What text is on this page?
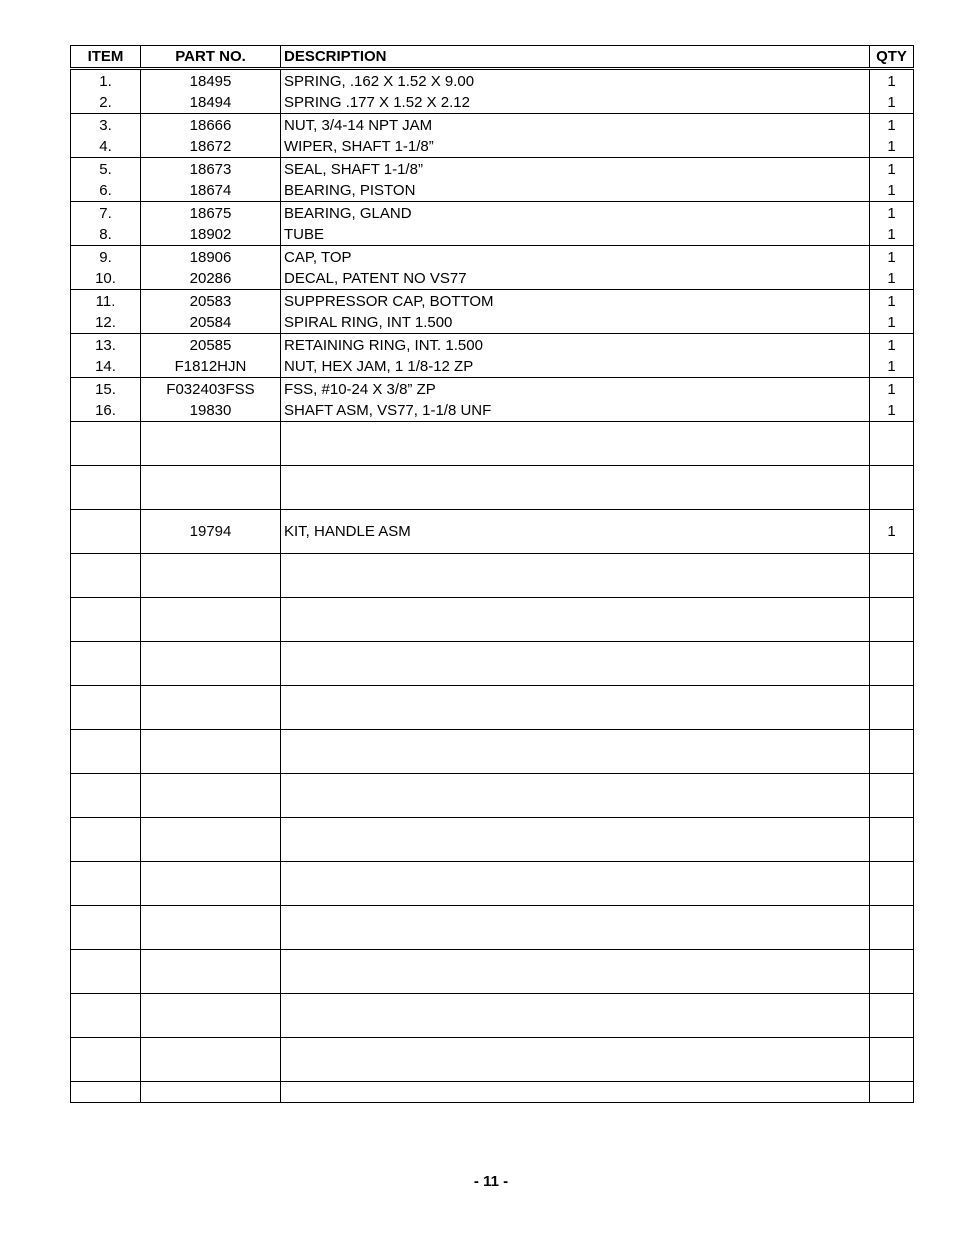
ITEM	PART NO.	DESCRIPTION	QTY
1.	18495	SPRING, .162 X 1.52 X 9.00	1
2.	18494	SPRING .177 X 1.52 X 2.12	1
3.	18666	NUT, 3/4-14 NPT JAM	1
4.	18672	WIPER, SHAFT 1-1/8”	1
5.	18673	SEAL, SHAFT 1-1/8”	1
6.	18674	BEARING, PISTON	1
7.	18675	BEARING, GLAND	1
8.	18902	TUBE	1
9.	18906	CAP, TOP	1
10.	20286	DECAL, PATENT NO VS77	1
11.	20583	SUPPRESSOR CAP, BOTTOM	1
12.	20584	SPIRAL RING, INT 1.500	1
13.	20585	RETAINING RING, INT. 1.500	1
14.	F1812HJN	NUT, HEX JAM, 1 1/8-12 ZP	1
15.	F032403FSS	FSS, #10-24 X 3/8” ZP	1
16.	19830	SHAFT ASM, VS77, 1-1/8 UNF	1

	19794	KIT, HANDLE ASM	1

- 11 -
